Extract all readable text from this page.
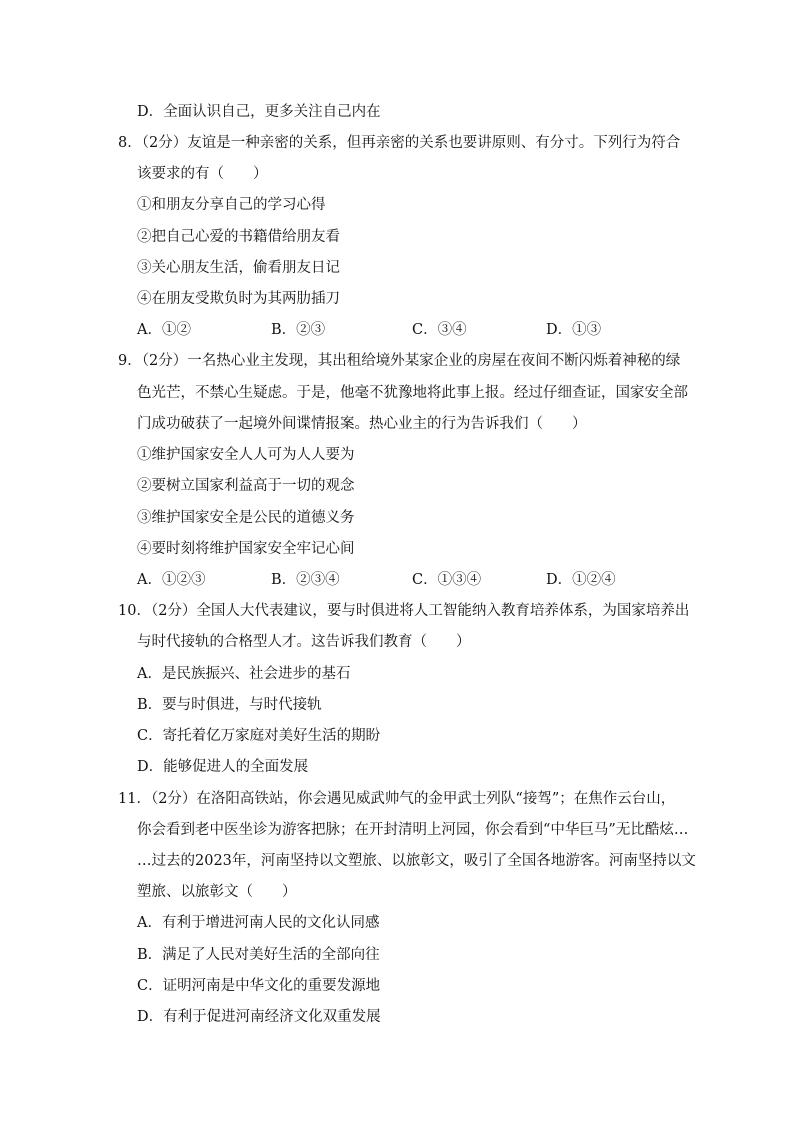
D．全面认识自己，更多关注自己内在
8．（2分）友谊是一种亲密的关系，但再亲密的关系也要讲原则、有分寸。下列行为符合
该要求的有（　　）
①和朋友分享自己的学习心得
②把自己心爱的书籍借给朋友看
③关心朋友生活，偷看朋友日记
④在朋友受欺负时为其两肋插刀
A．①②	B．②③	C．③④	D．①③
9．（2分）一名热心业主发现，其出租给境外某家企业的房屋在夜间不断闪烁着神秘的绿
色光芒，不禁心生疑虑。于是，他毫不犹豫地将此事上报。经过仔细查证，国家安全部
门成功破获了一起境外间谍情报案。热心业主的行为告诉我们（　　）
①维护国家安全人人可为人人要为
②要树立国家利益高于一切的观念
③维护国家安全是公民的道德义务
④要时刻将维护国家安全牢记心间
A．①②③	B．②③④	C．①③④	D．①②④
10．（2分）全国人大代表建议，要与时俱进将人工智能纳入教育培养体系，为国家培养出
与时代接轨的合格型人才。这告诉我们教育（　　）
A．是民族振兴、社会进步的基石
B．要与时俱进，与时代接轨
C．寄托着亿万家庭对美好生活的期盼
D．能够促进人的全面发展
11．（2分）在洛阳高铁站，你会遇见威武帅气的金甲武士列队“接驾”；在焦作云台山，
你会看到老中医坐诊为游客把脉；在开封清明上河园，你会看到“中华巨马”无比酷炫…
…过去的2023年，河南坚持以文塑旅、以旅彰文，吸引了全国各地游客。河南坚持以文
塑旅、以旅彰文（　　）
A．有利于增进河南人民的文化认同感
B．满足了人民对美好生活的全部向往
C．证明河南是中华文化的重要发源地
D．有利于促进河南经济文化双重发展
